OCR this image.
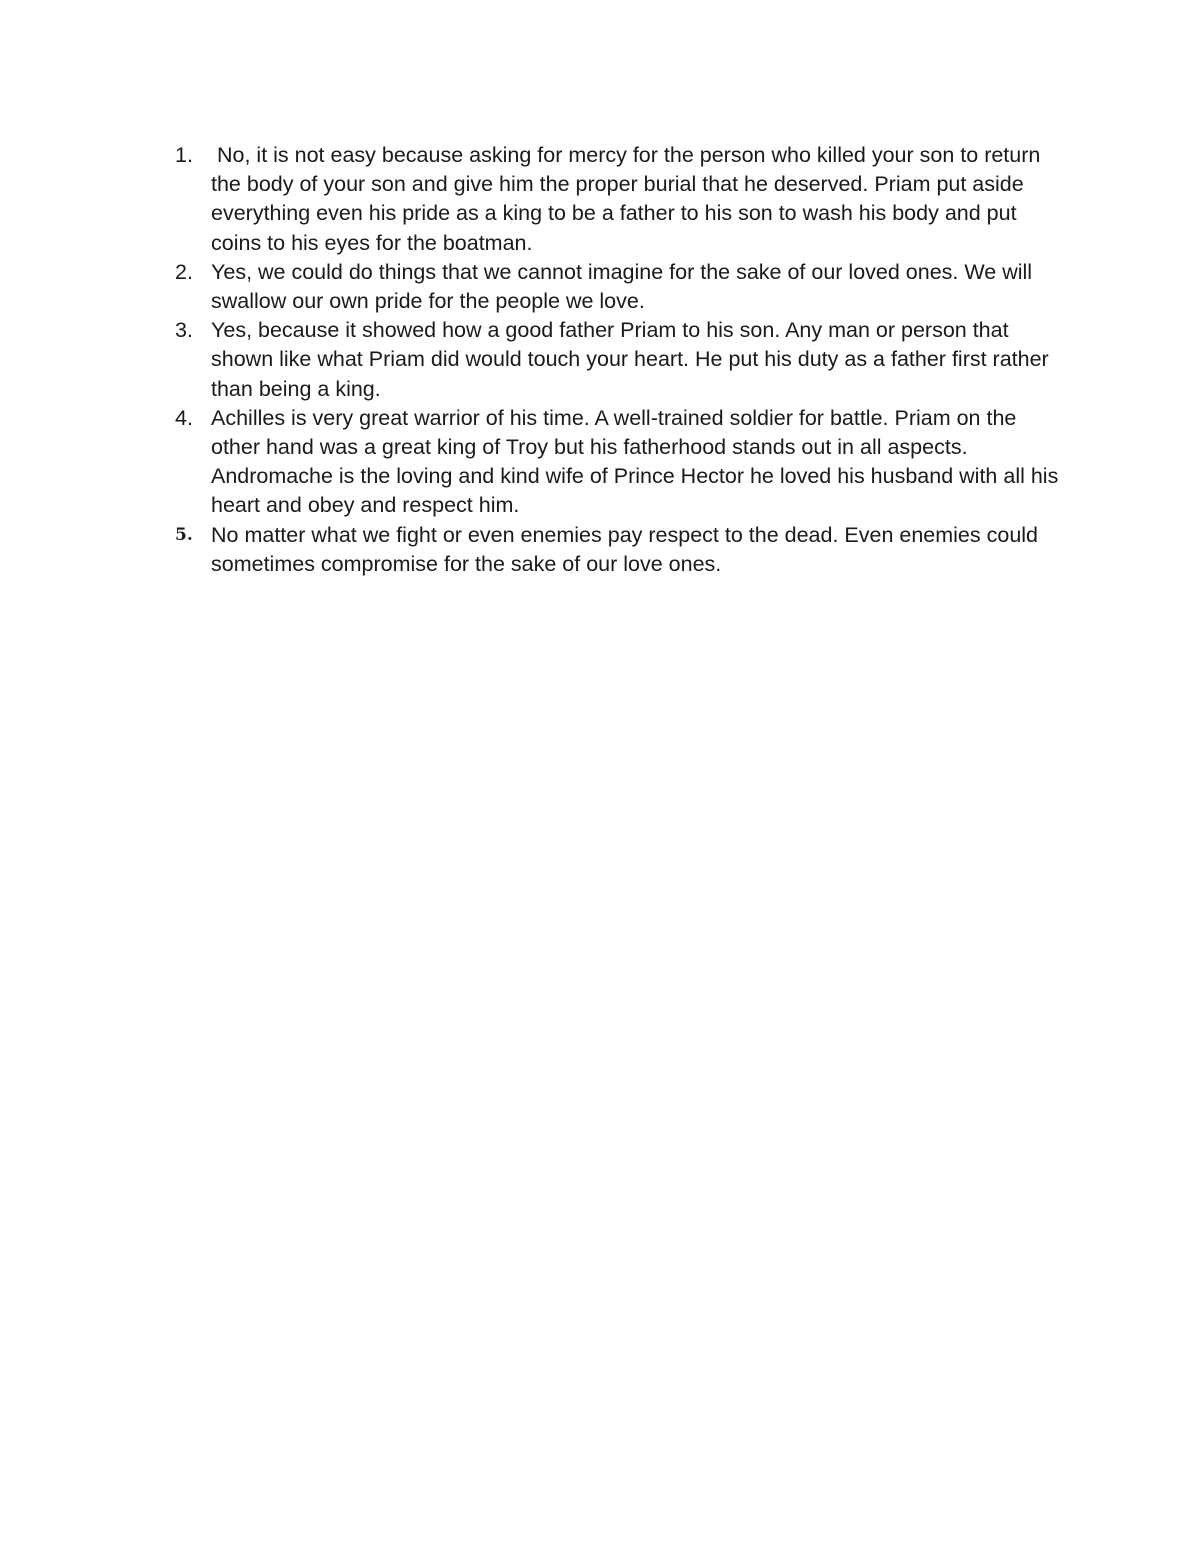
1. No, it is not easy because asking for mercy for the person who killed your son to return the body of your son and give him the proper burial that he deserved. Priam put aside everything even his pride as a king to be a father to his son to wash his body and put coins to his eyes for the boatman.
2. Yes, we could do things that we cannot imagine for the sake of our loved ones. We will swallow our own pride for the people we love.
3. Yes, because it showed how a good father Priam to his son. Any man or person that shown like what Priam did would touch your heart. He put his duty as a father first rather than being a king.
4. Achilles is very great warrior of his time. A well-trained soldier for battle. Priam on the other hand was a great king of Troy but his fatherhood stands out in all aspects. Andromache is the loving and kind wife of Prince Hector he loved his husband with all his heart and obey and respect him.
5. No matter what we fight or even enemies pay respect to the dead. Even enemies could sometimes compromise for the sake of our love ones.
